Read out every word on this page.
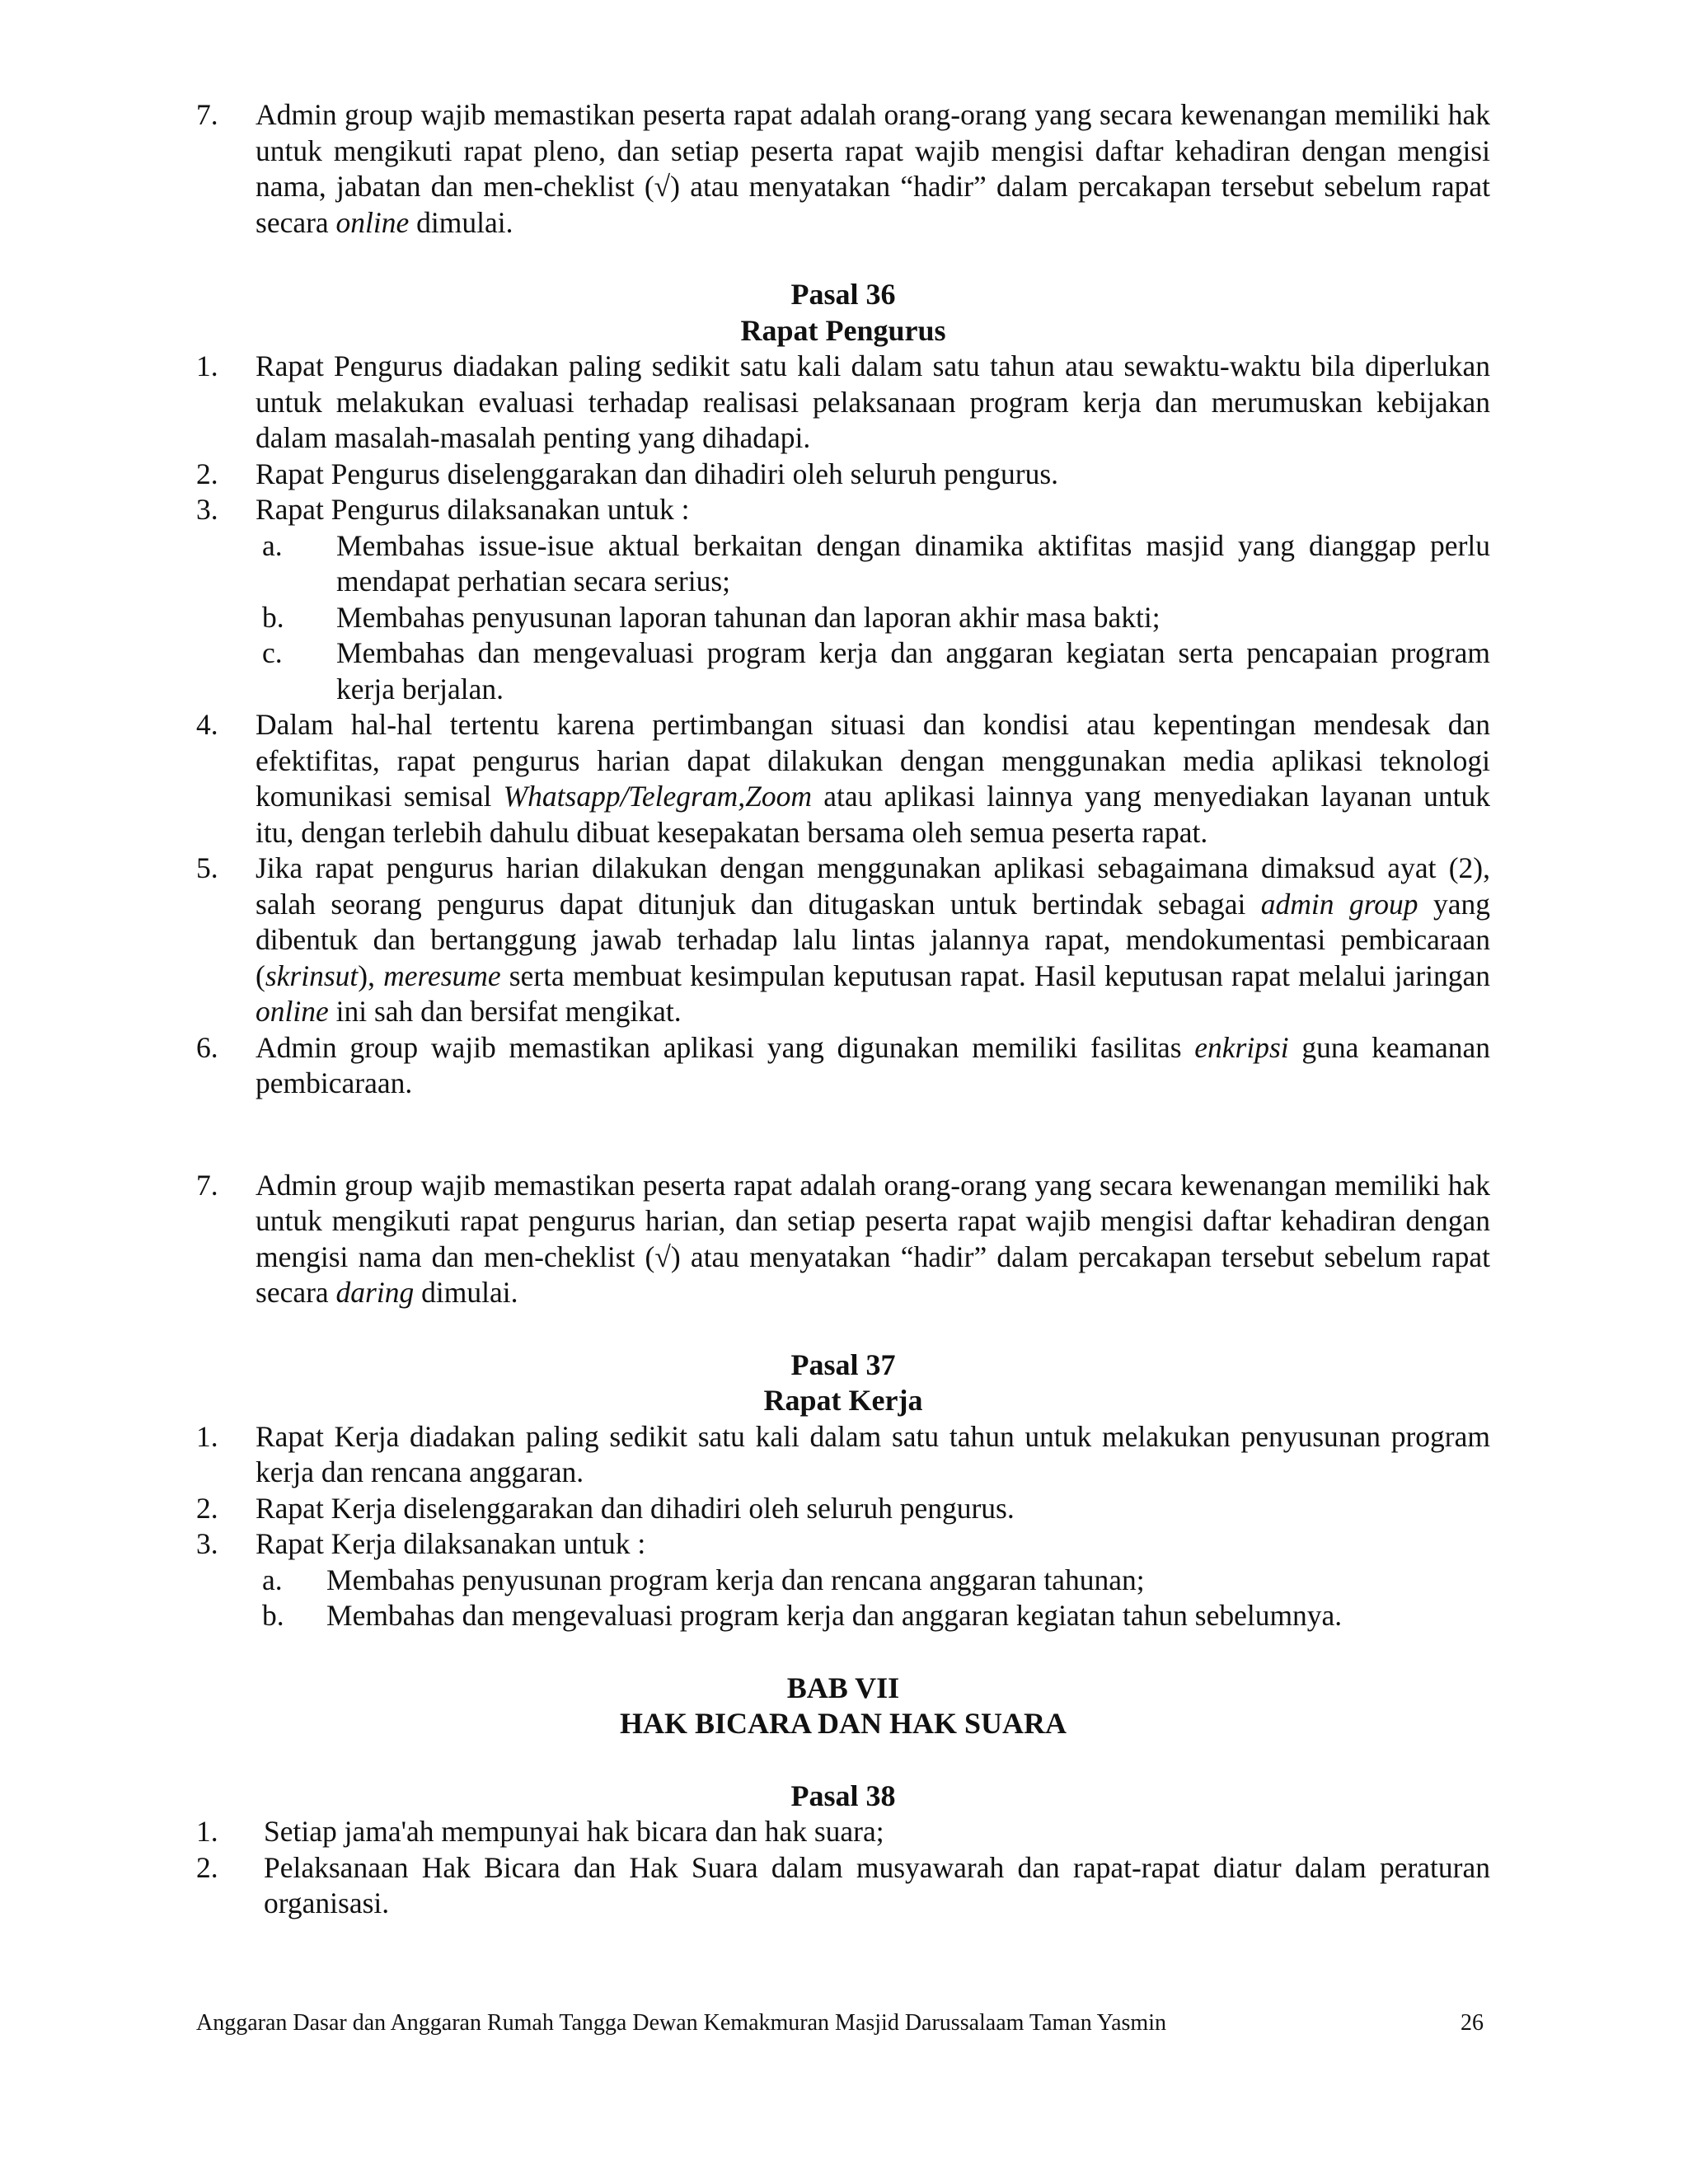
7.	Admin group wajib memastikan peserta rapat adalah orang-orang yang secara kewenangan memiliki hak untuk mengikuti rapat pleno, dan setiap peserta rapat wajib mengisi daftar kehadiran dengan mengisi nama, jabatan dan men-cheklist (√) atau menyatakan “hadir” dalam percakapan tersebut sebelum rapat secara online dimulai.
Pasal 36
Rapat Pengurus
1.	Rapat Pengurus diadakan paling sedikit satu kali dalam satu tahun atau sewaktu-waktu bila diperlukan untuk melakukan evaluasi terhadap realisasi pelaksanaan program kerja dan merumuskan kebijakan dalam masalah-masalah penting yang dihadapi.
2.	Rapat Pengurus diselenggarakan dan dihadiri oleh seluruh pengurus.
3.	Rapat Pengurus dilaksanakan untuk :
a.	Membahas issue-isue aktual berkaitan dengan dinamika aktifitas masjid yang dianggap perlu mendapat perhatian secara serius;
b.	Membahas penyusunan laporan tahunan dan laporan akhir masa bakti;
c.	Membahas dan mengevaluasi program kerja dan anggaran kegiatan serta pencapaian program kerja berjalan.
4.	Dalam hal-hal tertentu karena pertimbangan situasi dan kondisi atau kepentingan mendesak dan efektifitas, rapat pengurus harian dapat dilakukan dengan menggunakan media aplikasi teknologi komunikasi semisal Whatsapp/Telegram,Zoom atau aplikasi lainnya yang menyediakan layanan untuk itu, dengan terlebih dahulu dibuat kesepakatan bersama oleh semua peserta rapat.
5.	Jika rapat pengurus harian dilakukan dengan menggunakan aplikasi sebagaimana dimaksud ayat (2), salah seorang pengurus dapat ditunjuk dan ditugaskan untuk bertindak sebagai admin group yang dibentuk dan bertanggung jawab terhadap lalu lintas jalannya rapat, mendokumentasi pembicaraan (skrinsut), meresume serta membuat kesimpulan keputusan rapat. Hasil keputusan rapat melalui jaringan online ini sah dan bersifat mengikat.
6.	Admin group wajib memastikan aplikasi yang digunakan memiliki fasilitas enkripsi guna keamanan pembicaraan.
7.	Admin group wajib memastikan peserta rapat adalah orang-orang yang secara kewenangan memiliki hak untuk mengikuti rapat pengurus harian, dan setiap peserta rapat wajib mengisi daftar kehadiran dengan mengisi nama dan men-cheklist (√) atau menyatakan “hadir” dalam percakapan tersebut sebelum rapat secara daring dimulai.
Pasal 37
Rapat Kerja
1.	Rapat Kerja diadakan paling sedikit satu kali dalam satu tahun untuk melakukan penyusunan program kerja dan rencana anggaran.
2.	Rapat Kerja diselenggarakan dan dihadiri oleh seluruh pengurus.
3.	Rapat Kerja dilaksanakan untuk :
a.	Membahas penyusunan program kerja dan rencana anggaran tahunan;
b.	Membahas dan mengevaluasi program kerja dan anggaran kegiatan tahun sebelumnya.
BAB VII
HAK BICARA DAN HAK SUARA
Pasal 38
1.	Setiap jama'ah mempunyai hak bicara dan hak suara;
2.	Pelaksanaan Hak Bicara dan Hak Suara dalam musyawarah dan rapat-rapat diatur dalam peraturan organisasi.
Anggaran Dasar dan Anggaran Rumah Tangga Dewan Kemakmuran Masjid Darussalaam Taman Yasmin	26
